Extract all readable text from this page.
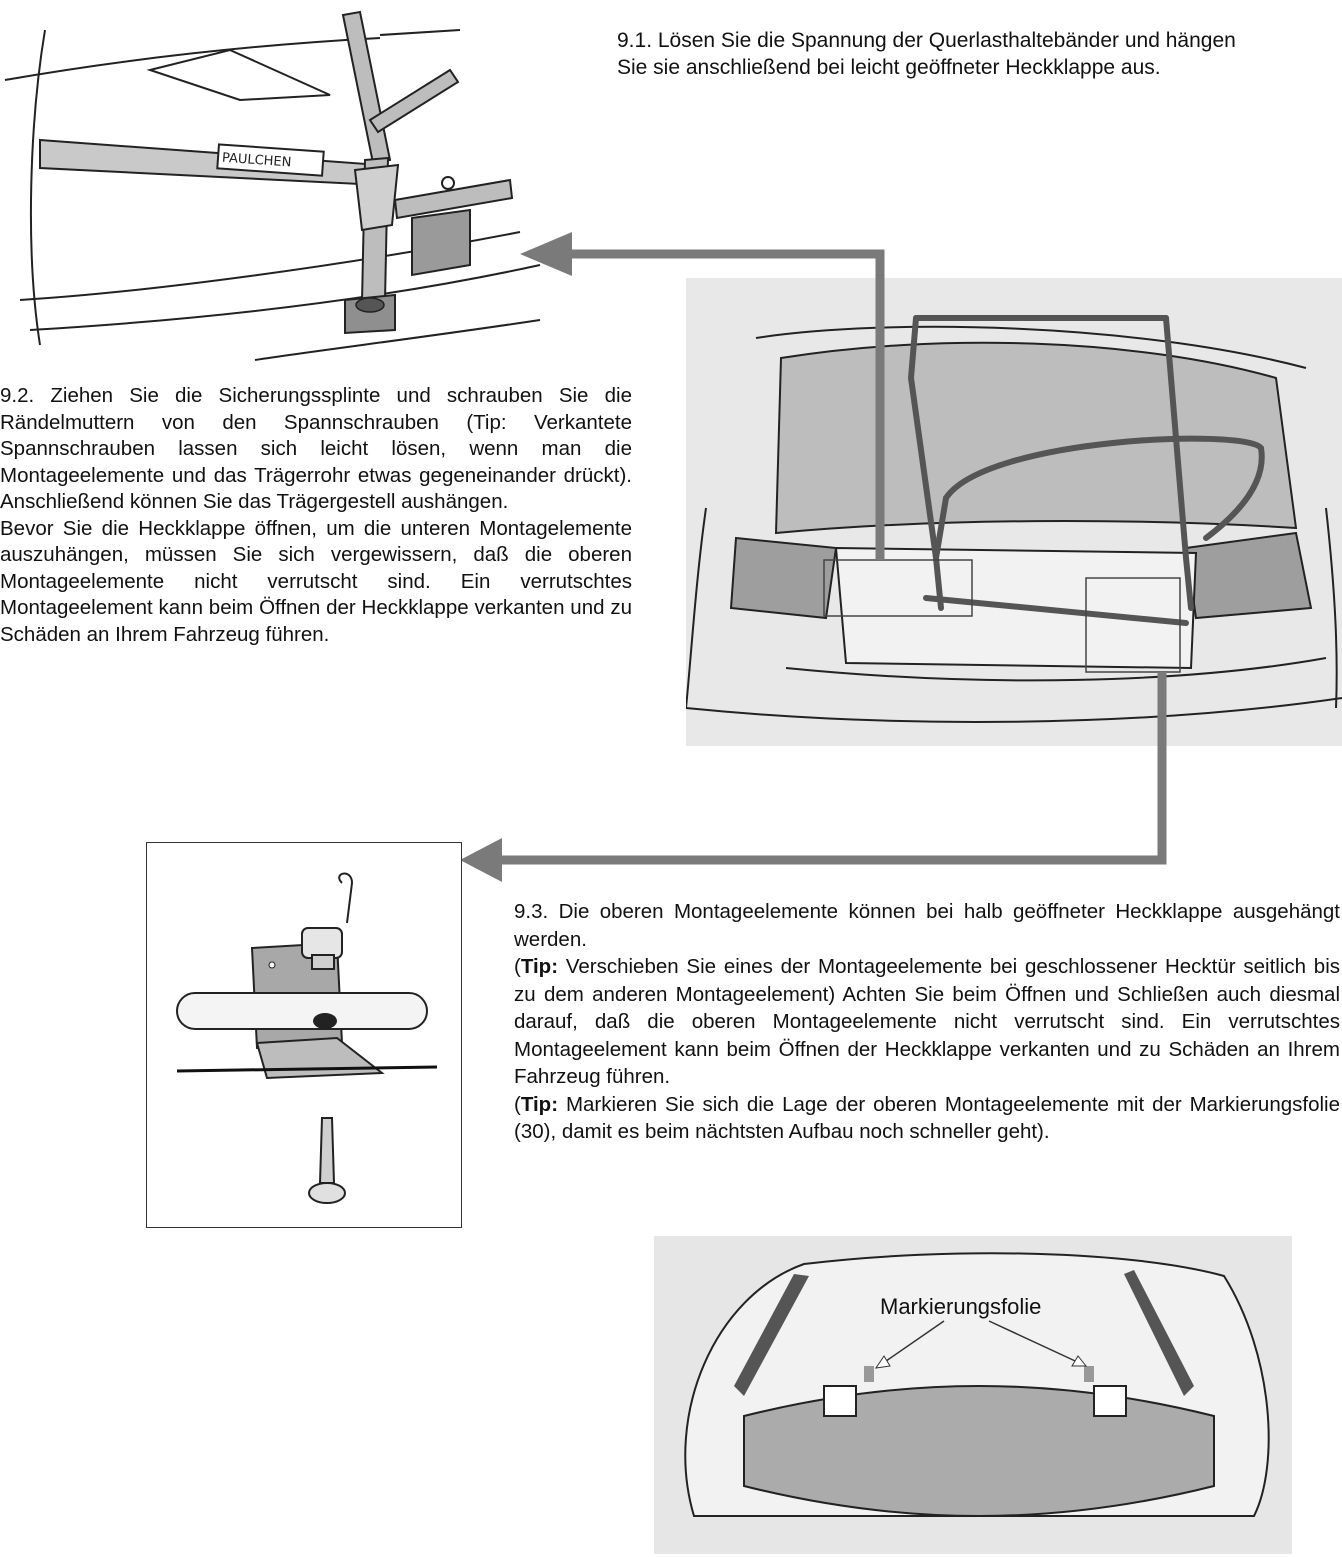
9.1. Lösen Sie die Spannung der Querlasthaltebänder und hängen Sie sie anschließend bei leicht geöffneter Heckklappe aus.

9.2. Ziehen Sie die Sicherungssplinte und schrauben Sie die Rändelmuttern von den Spannschrauben (Tip: Verkantete Spannschrauben lassen sich leicht lösen, wenn man die Montageelemente und das Trägerrohr etwas gegeneinander drückt). Anschließend können Sie das Trägergestell aushängen.

Bevor Sie die Heckklappe öffnen, um die unteren Montagelemente auszuhängen, müssen Sie sich vergewissern, daß die oberen Montageelemente nicht verrutscht sind. Ein verrutschtes Montageelement kann beim Öffnen der Heckklappe verkanten und zu Schäden an Ihrem Fahrzeug führen.

9.3. Die oberen Montageelemente können bei halb geöffneter Heckklappe ausgehängt werden.

(Tip: Verschieben Sie eines der Montageelemente bei geschlossener Hecktür seitlich bis zu dem anderen Montageelement) Achten Sie beim Öffnen und Schließen auch diesmal darauf, daß die oberen Montageelemente nicht verrutscht sind. Ein verrutschtes Montageelement kann beim Öffnen der Heckklappe verkanten und zu Schäden an Ihrem Fahrzeug führen.

(Tip: Markieren Sie sich die Lage der oberen Montageelemente mit der Markierungsfolie (30), damit es beim nächtsten Aufbau noch schneller geht).

PAULCHEN
Markierungsfolie
